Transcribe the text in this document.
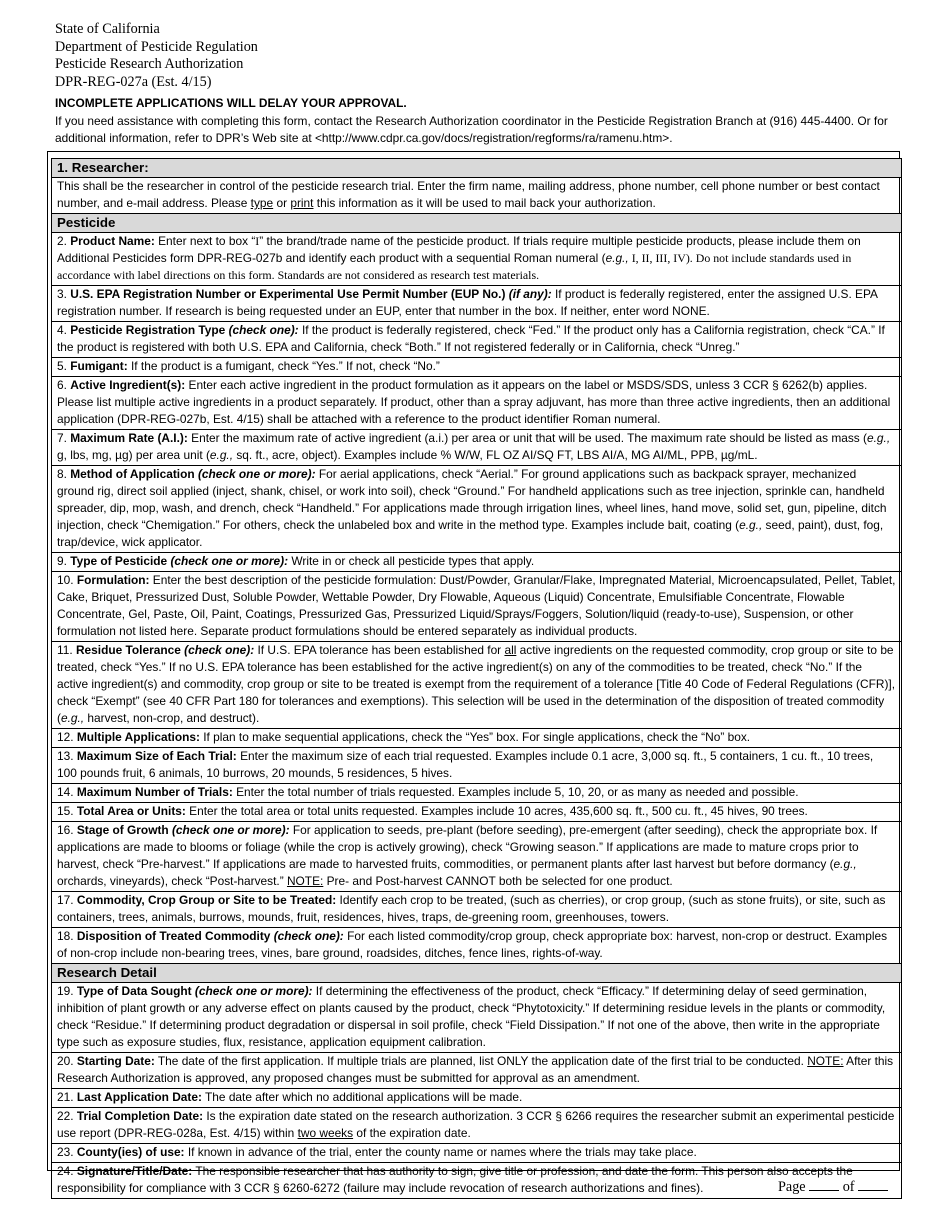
State of California
Department of Pesticide Regulation
Pesticide Research Authorization
DPR-REG-027a (Est. 4/15)
INCOMPLETE APPLICATIONS WILL DELAY YOUR APPROVAL.
If you need assistance with completing this form, contact the Research Authorization coordinator in the Pesticide Registration Branch at (916) 445-4400. Or for additional information, refer to DPR’s Web site at <http://www.cdpr.ca.gov/docs/registration/regforms/ra/ramenu.htm>.
1. Researcher:
This shall be the researcher in control of the pesticide research trial. Enter the firm name, mailing address, phone number, cell phone number or best contact number, and e-mail address. Please type or print this information as it will be used to mail back your authorization.
Pesticide
2. Product Name: Enter next to box “I” the brand/trade name of the pesticide product. If trials require multiple pesticide products, please include them on Additional Pesticides form DPR-REG-027b and identify each product with a sequential Roman numeral (e.g., I, II, III, IV). Do not include standards used in accordance with label directions on this form. Standards are not considered as research test materials.
3. U.S. EPA Registration Number or Experimental Use Permit Number (EUP No.) (if any): If product is federally registered, enter the assigned U.S. EPA registration number. If research is being requested under an EUP, enter that number in the box. If neither, enter word NONE.
4. Pesticide Registration Type (check one): If the product is federally registered, check “Fed.” If the product only has a California registration, check “CA.” If the product is registered with both U.S. EPA and California, check “Both.” If not registered federally or in California, check “Unreg.”
5. Fumigant: If the product is a fumigant, check “Yes.” If not, check “No.”
6. Active Ingredient(s): Enter each active ingredient in the product formulation as it appears on the label or MSDS/SDS, unless 3 CCR § 6262(b) applies. Please list multiple active ingredients in a product separately. If product, other than a spray adjuvant, has more than three active ingredients, then an additional application (DPR-REG-027b, Est. 4/15) shall be attached with a reference to the product identifier Roman numeral.
7. Maximum Rate (A.I.): Enter the maximum rate of active ingredient (a.i.) per area or unit that will be used. The maximum rate should be listed as mass (e.g., g, lbs, mg, µg) per area unit (e.g., sq. ft., acre, object). Examples include % W/W, FL OZ AI/SQ FT, LBS AI/A, MG AI/ML, PPB, µg/mL.
8. Method of Application (check one or more): For aerial applications, check “Aerial.” For ground applications such as backpack sprayer, mechanized ground rig, direct soil applied (inject, shank, chisel, or work into soil), check “Ground.” For handheld applications such as tree injection, sprinkle can, handheld spreader, dip, mop, wash, and drench, check “Handheld.” For applications made through irrigation lines, wheel lines, hand move, solid set, gun, pipeline, ditch injection, check “Chemigation.” For others, check the unlabeled box and write in the method type. Examples include bait, coating (e.g., seed, paint), dust, fog, trap/device, wick applicator.
9. Type of Pesticide (check one or more): Write in or check all pesticide types that apply.
10. Formulation: Enter the best description of the pesticide formulation: Dust/Powder, Granular/Flake, Impregnated Material, Microencapsulated, Pellet, Tablet, Cake, Briquet, Pressurized Dust, Soluble Powder, Wettable Powder, Dry Flowable, Aqueous (Liquid) Concentrate, Emulsifiable Concentrate, Flowable Concentrate, Gel, Paste, Oil, Paint, Coatings, Pressurized Gas, Pressurized Liquid/Sprays/Foggers, Solution/liquid (ready-to-use), Suspension, or other formulation not listed here. Separate product formulations should be entered separately as individual products.
11. Residue Tolerance (check one): If U.S. EPA tolerance has been established for all active ingredients on the requested commodity, crop group or site to be treated, check “Yes.” If no U.S. EPA tolerance has been established for the active ingredient(s) on any of the commodities to be treated, check “No.” If the active ingredient(s) and commodity, crop group or site to be treated is exempt from the requirement of a tolerance [Title 40 Code of Federal Regulations (CFR)], check “Exempt” (see 40 CFR Part 180 for tolerances and exemptions). This selection will be used in the determination of the disposition of treated commodity (e.g., harvest, non-crop, and destruct).
12. Multiple Applications: If plan to make sequential applications, check the “Yes” box. For single applications, check the “No” box.
13. Maximum Size of Each Trial: Enter the maximum size of each trial requested. Examples include 0.1 acre, 3,000 sq. ft., 5 containers, 1 cu. ft., 10 trees, 100 pounds fruit, 6 animals, 10 burrows, 20 mounds, 5 residences, 5 hives.
14. Maximum Number of Trials: Enter the total number of trials requested. Examples include 5, 10, 20, or as many as needed and possible.
15. Total Area or Units: Enter the total area or total units requested. Examples include 10 acres, 435,600 sq. ft., 500 cu. ft., 45 hives, 90 trees.
16. Stage of Growth (check one or more): For application to seeds, pre-plant (before seeding), pre-emergent (after seeding), check the appropriate box. If applications are made to blooms or foliage (while the crop is actively growing), check “Growing season.” If applications are made to mature crops prior to harvest, check “Pre-harvest.” If applications are made to harvested fruits, commodities, or permanent plants after last harvest but before dormancy (e.g., orchards, vineyards), check “Post-harvest.” NOTE: Pre- and Post-harvest CANNOT both be selected for one product.
17. Commodity, Crop Group or Site to be Treated: Identify each crop to be treated, (such as cherries), or crop group, (such as stone fruits), or site, such as containers, trees, animals, burrows, mounds, fruit, residences, hives, traps, de-greening room, greenhouses, towers.
18. Disposition of Treated Commodity (check one): For each listed commodity/crop group, check appropriate box: harvest, non-crop or destruct. Examples of non-crop include non-bearing trees, vines, bare ground, roadsides, ditches, fence lines, rights-of-way.
Research Detail
19. Type of Data Sought (check one or more): If determining the effectiveness of the product, check “Efficacy.” If determining delay of seed germination, inhibition of plant growth or any adverse effect on plants caused by the product, check “Phytotoxicity.” If determining residue levels in the plants or commodity, check “Residue.” If determining product degradation or dispersal in soil profile, check “Field Dissipation.” If not one of the above, then write in the appropriate type such as exposure studies, flux, resistance, application equipment calibration.
20. Starting Date: The date of the first application. If multiple trials are planned, list ONLY the application date of the first trial to be conducted. NOTE: After this Research Authorization is approved, any proposed changes must be submitted for approval as an amendment.
21. Last Application Date: The date after which no additional applications will be made.
22. Trial Completion Date: Is the expiration date stated on the research authorization. 3 CCR § 6266 requires the researcher submit an experimental pesticide use report (DPR-REG-028a, Est. 4/15) within two weeks of the expiration date.
23. County(ies) of use: If known in advance of the trial, enter the county name or names where the trials may take place.
24. Signature/Title/Date: The responsible researcher that has authority to sign, give title or profession, and date the form. This person also accepts the responsibility for compliance with 3 CCR § 6260-6272 (failure may include revocation of research authorizations and fines).	Page	of
